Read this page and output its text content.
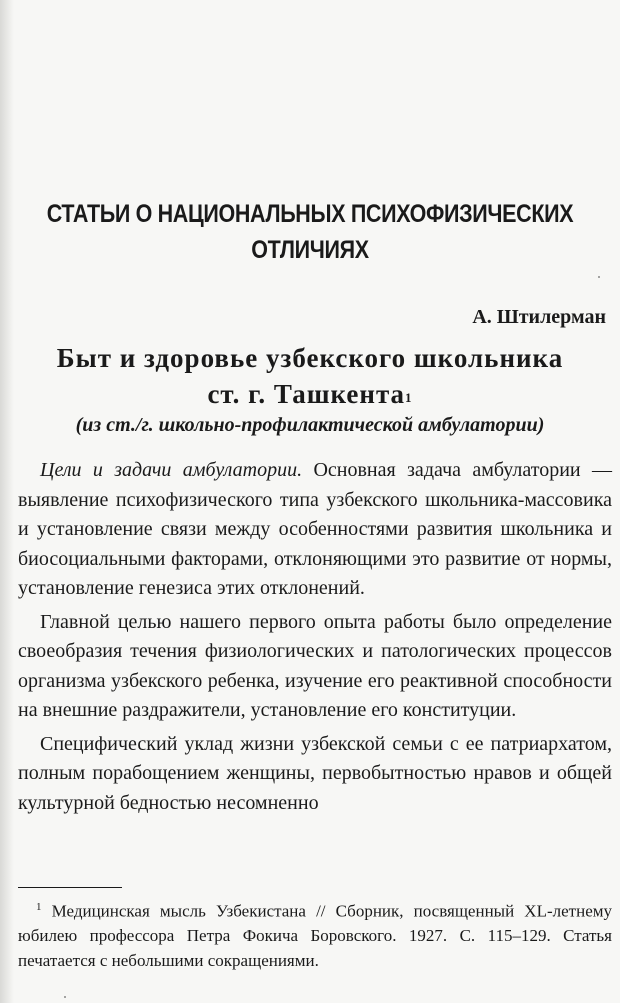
СТАТЬИ О НАЦИОНАЛЬНЫХ ПСИХОФИЗИЧЕСКИХ
ОТЛИЧИЯХ
А. Штилерман
Быт и здоровье узбекского школьника
ст. г. Ташкента$^1$
(из ст./г. школьно-профилактической амбулатории)

Цели и задачи амбулатории. Основная задача амбулатории — выявление психофизического типа узбекского школьника-массовика и установление связи между особенностями развития школьника и биосоциальными факторами, отклоняющими это развитие от нормы, установление генезиса этих отклонений.

Главной целью нашего первого опыта работы было определение своеобразия течения физиологических и патологических процессов организма узбекского ребенка, изучение его реактивной способности на внешние раздражители, установление его конституции.

Специфический уклад жизни узбекской семьи с ее патриархатом, полным порабощением женщины, первобытностью нравов и общей культурной бедностью несомненно

$^1$ Медицинская мысль Узбекистана // Сборник, посвященный XL-летнему юбилею профессора Петра Фокича Боровского. 1927. С. 115–129. Статья печатается с небольшими сокращениями.
